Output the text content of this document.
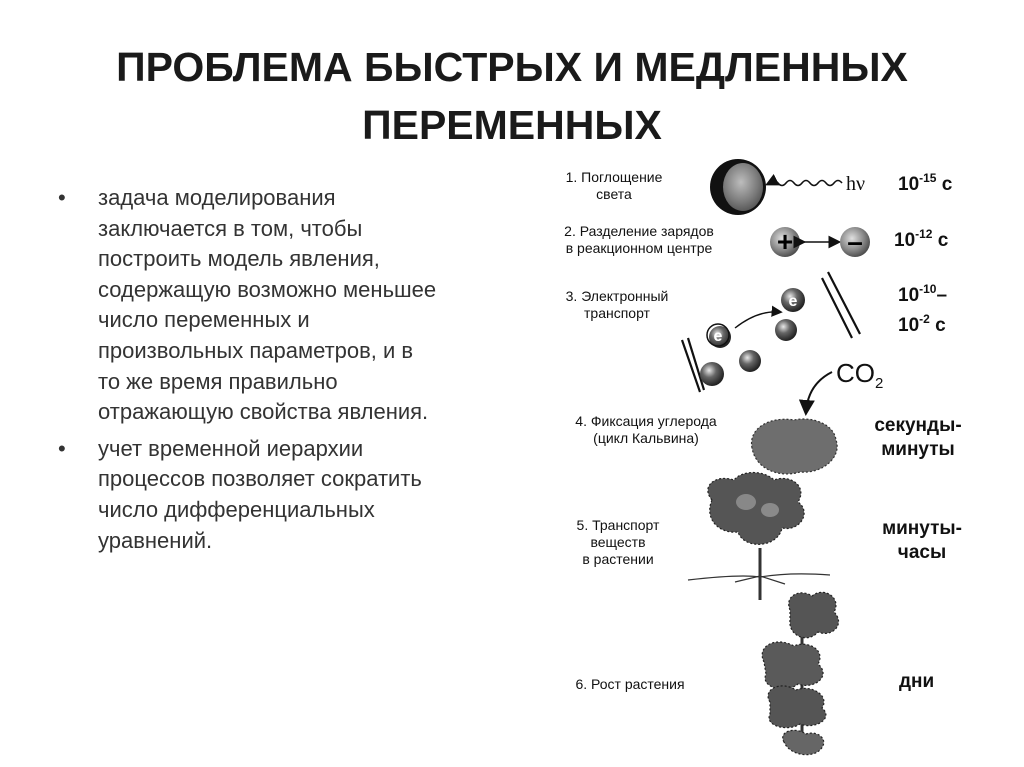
ПРОБЛЕМА БЫСТРЫХ И МЕДЛЕННЫХ
ПЕРЕМЕННЫХ
• задача моделирования заключается в том, чтобы построить модель явления, содержащую возможно меньшее число переменных и произвольных параметров, и в то же время правильно отражающую свойства явления.
• учет временной иерархии процессов позволяет сократить число дифференциальных уравнений.
hν
+ –
e
e
$CO_2$
1. Поглощение
света
2. Разделение зарядов
в реакционном центре
3. Электронный
транспорт
4. Фиксация углерода
(цикл Кальвина)
5. Транспорт
веществ
в растении
6. Рост растения
$10^{-15}$ с
$10^{-12}$ с
$10^{-10}-$
$10^{-2}$ с
секунды-
минуты
минуты-
часы
дни
